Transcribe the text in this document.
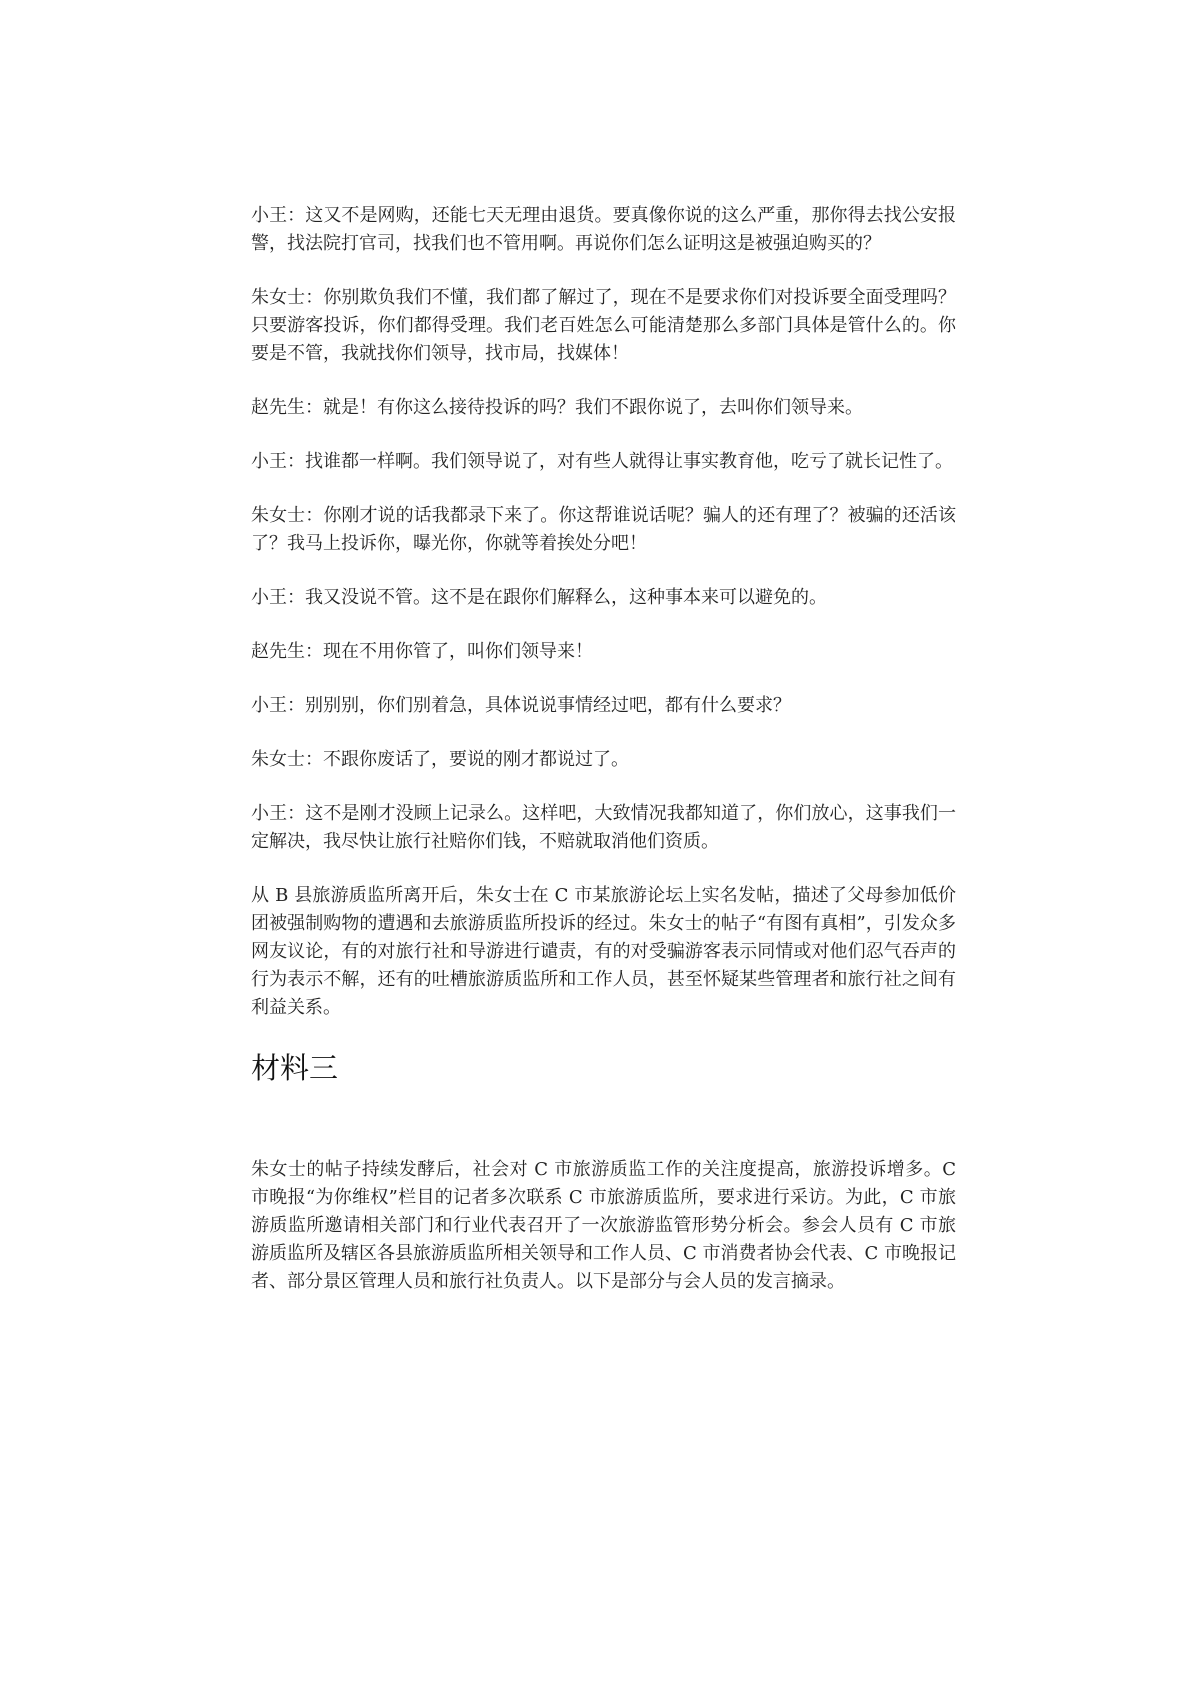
小王：这又不是网购，还能七天无理由退货。要真像你说的这么严重，那你得去找公安报警，找法院打官司，找我们也不管用啊。再说你们怎么证明这是被强迫购买的？

朱女士：你别欺负我们不懂，我们都了解过了，现在不是要求你们对投诉要全面受理吗？只要游客投诉，你们都得受理。我们老百姓怎么可能清楚那么多部门具体是管什么的。你要是不管，我就找你们领导，找市局，找媒体！

赵先生：就是！有你这么接待投诉的吗？我们不跟你说了，去叫你们领导来。

小王：找谁都一样啊。我们领导说了，对有些人就得让事实教育他，吃亏了就长记性了。

朱女士：你刚才说的话我都录下来了。你这帮谁说话呢？骗人的还有理了？被骗的还活该了？我马上投诉你，曝光你，你就等着挨处分吧！

小王：我又没说不管。这不是在跟你们解释么，这种事本来可以避免的。

赵先生：现在不用你管了，叫你们领导来！

小王：别别别，你们别着急，具体说说事情经过吧，都有什么要求？

朱女士：不跟你废话了，要说的刚才都说过了。

小王：这不是刚才没顾上记录么。这样吧，大致情况我都知道了，你们放心，这事我们一定解决，我尽快让旅行社赔你们钱，不赔就取消他们资质。

从 B 县旅游质监所离开后，朱女士在 C 市某旅游论坛上实名发帖，描述了父母参加低价团被强制购物的遭遇和去旅游质监所投诉的经过。朱女士的帖子“有图有真相”，引发众多网友议论，有的对旅行社和导游进行谴责，有的对受骗游客表示同情或对他们忍气吞声的行为表示不解，还有的吐槽旅游质监所和工作人员，甚至怀疑某些管理者和旅行社之间有利益关系。

材料三

朱女士的帖子持续发酵后，社会对 C 市旅游质监工作的关注度提高，旅游投诉增多。C 市晚报“为你维权”栏目的记者多次联系 C 市旅游质监所，要求进行采访。为此，C 市旅游质监所邀请相关部门和行业代表召开了一次旅游监管形势分析会。参会人员有 C 市旅游质监所及辖区各县旅游质监所相关领导和工作人员、C 市消费者协会代表、C 市晚报记者、部分景区管理人员和旅行社负责人。以下是部分与会人员的发言摘录。
